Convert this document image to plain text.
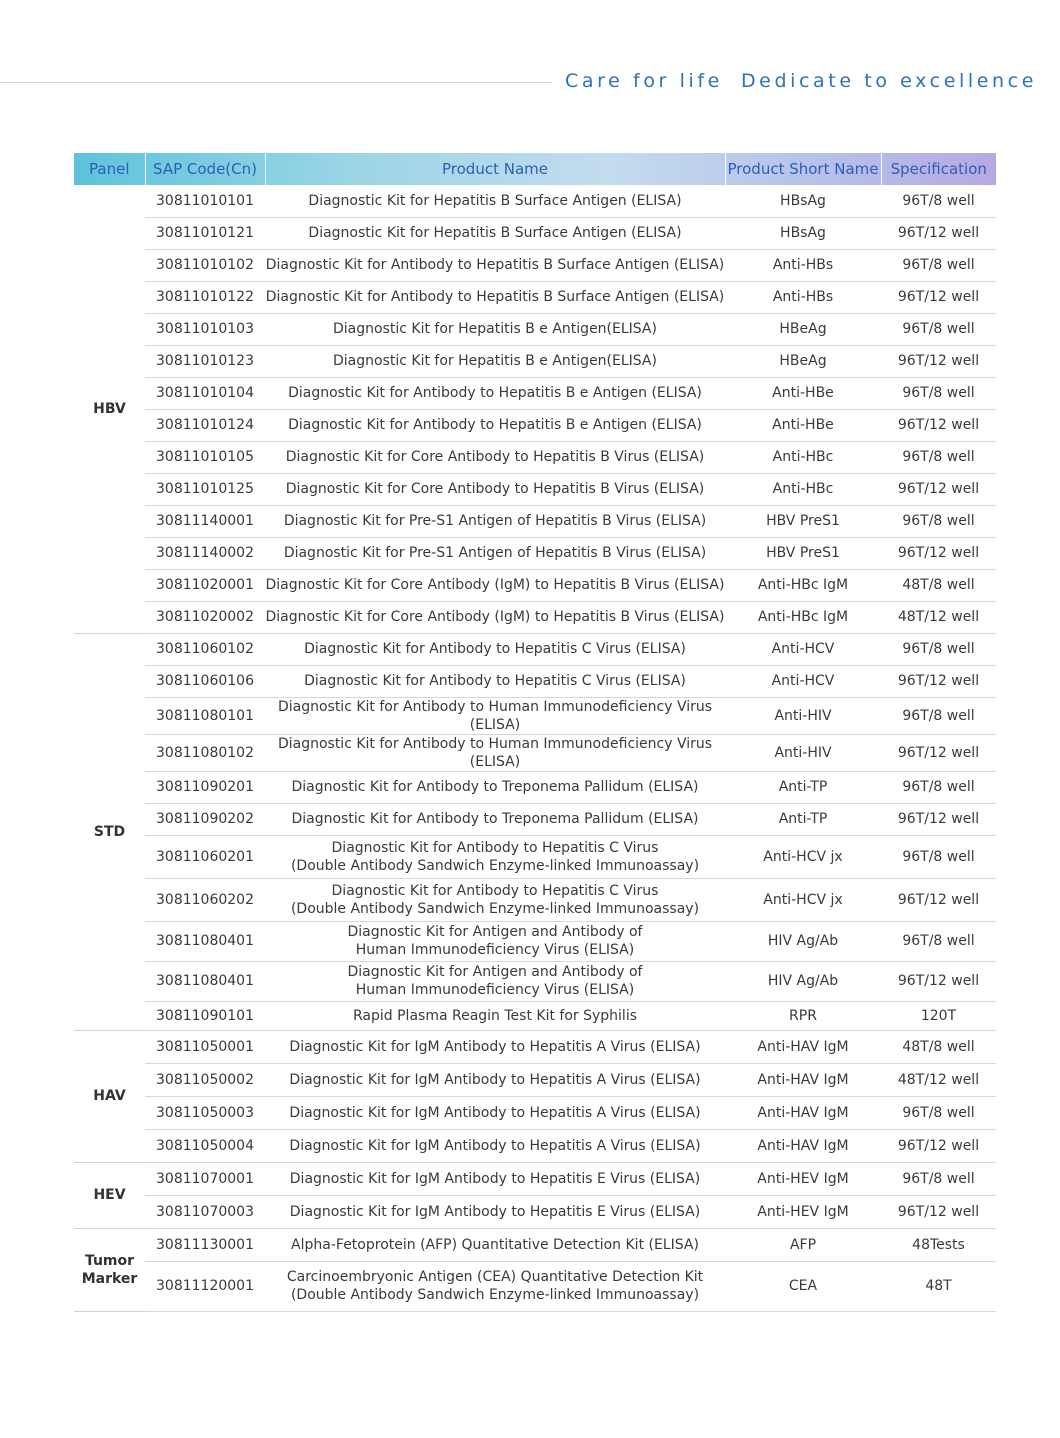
Care for life Dedicate to excellence
Panel	SAP Code(Cn)	Product Name	Product Short Name	Specification

HBV	30811010101	Diagnostic Kit for Hepatitis B Surface Antigen (ELISA)	HBsAg	96T/8 well

	30811010121	Diagnostic Kit for Hepatitis B Surface Antigen (ELISA)	HBsAg	96T/12 well

	30811010102	Diagnostic Kit for Antibody to Hepatitis B Surface Antigen (ELISA)	Anti-HBs	96T/8 well

	30811010122	Diagnostic Kit for Antibody to Hepatitis B Surface Antigen (ELISA)	Anti-HBs	96T/12 well

	30811010103	Diagnostic Kit for Hepatitis B e Antigen(ELISA)	HBeAg	96T/8 well

	30811010123	Diagnostic Kit for Hepatitis B e Antigen(ELISA)	HBeAg	96T/12 well

	30811010104	Diagnostic Kit for Antibody to Hepatitis B e Antigen (ELISA)	Anti-HBe	96T/8 well

	30811010124	Diagnostic Kit for Antibody to Hepatitis B e Antigen (ELISA)	Anti-HBe	96T/12 well

	30811010105	Diagnostic Kit for Core Antibody to Hepatitis B Virus (ELISA)	Anti-HBc	96T/8 well

	30811010125	Diagnostic Kit for Core Antibody to Hepatitis B Virus (ELISA)	Anti-HBc	96T/12 well

	30811140001	Diagnostic Kit for Pre-S1 Antigen of Hepatitis B Virus (ELISA)	HBV PreS1	96T/8 well

	30811140002	Diagnostic Kit for Pre-S1 Antigen of Hepatitis B Virus (ELISA)	HBV PreS1	96T/12 well

	30811020001	Diagnostic Kit for Core Antibody (IgM) to Hepatitis B Virus (ELISA)	Anti-HBc IgM	48T/8 well

	30811020002	Diagnostic Kit for Core Antibody (IgM) to Hepatitis B Virus (ELISA)	Anti-HBc IgM	48T/12 well

STD	30811060102	Diagnostic Kit for Antibody to Hepatitis C Virus (ELISA)	Anti-HCV	96T/8 well

	30811060106	Diagnostic Kit for Antibody to Hepatitis C Virus (ELISA)	Anti-HCV	96T/12 well

	30811080101	Diagnostic Kit for Antibody to Human Immunodeficiency Virus (ELISA)	Anti-HIV	96T/8 well

	30811080102	Diagnostic Kit for Antibody to Human Immunodeficiency Virus (ELISA)	Anti-HIV	96T/12 well

	30811090201	Diagnostic Kit for Antibody to Treponema Pallidum (ELISA)	Anti-TP	96T/8 well

	30811090202	Diagnostic Kit for Antibody to Treponema Pallidum (ELISA)	Anti-TP	96T/12 well

	30811060201	Diagnostic Kit for Antibody to Hepatitis C Virus
(Double Antibody Sandwich Enzyme-linked Immunoassay)	Anti-HCV jx	96T/8 well

	30811060202	Diagnostic Kit for Antibody to Hepatitis C Virus
(Double Antibody Sandwich Enzyme-linked Immunoassay)	Anti-HCV jx	96T/12 well

	30811080401	Diagnostic Kit for Antigen and Antibody of
Human Immunodeficiency Virus (ELISA)	HIV Ag/Ab	96T/8 well

	30811080401	Diagnostic Kit for Antigen and Antibody of
Human Immunodeficiency Virus (ELISA)	HIV Ag/Ab	96T/12 well

	30811090101	Rapid Plasma Reagin Test Kit for Syphilis	RPR	120T

HAV	30811050001	Diagnostic Kit for IgM Antibody to Hepatitis A Virus (ELISA)	Anti-HAV IgM	48T/8 well

	30811050002	Diagnostic Kit for IgM Antibody to Hepatitis A Virus (ELISA)	Anti-HAV IgM	48T/12 well

	30811050003	Diagnostic Kit for IgM Antibody to Hepatitis A Virus (ELISA)	Anti-HAV IgM	96T/8 well

	30811050004	Diagnostic Kit for IgM Antibody to Hepatitis A Virus (ELISA)	Anti-HAV IgM	96T/12 well

HEV	30811070001	Diagnostic Kit for IgM Antibody to Hepatitis E Virus (ELISA)	Anti-HEV IgM	96T/8 well

	30811070003	Diagnostic Kit for IgM Antibody to Hepatitis E Virus (ELISA)	Anti-HEV IgM	96T/12 well

Tumor
Marker	30811130001	Alpha-Fetoprotein (AFP) Quantitative Detection Kit (ELISA)	AFP	48Tests

	30811120001	Carcinoembryonic Antigen (CEA) Quantitative Detection Kit
(Double Antibody Sandwich Enzyme-linked Immunoassay)	CEA	48T
